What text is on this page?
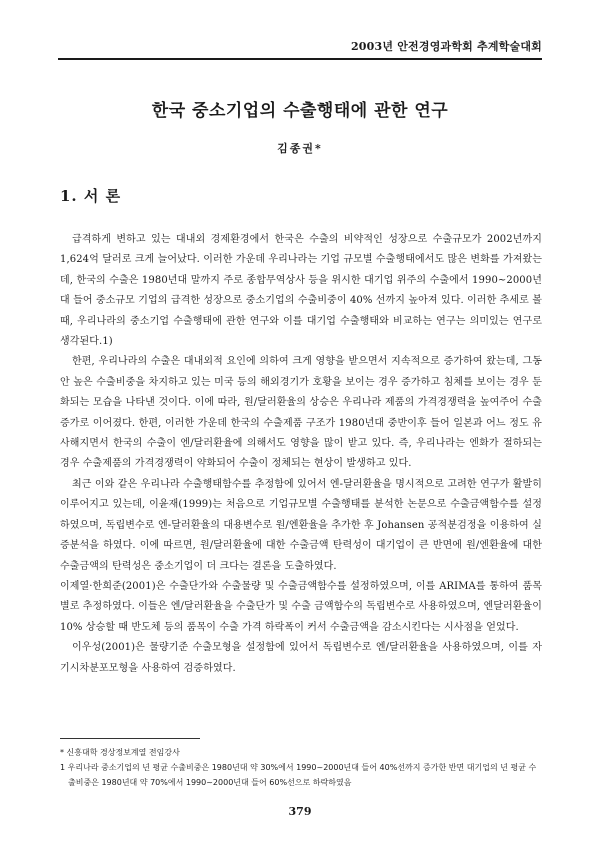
2003년 안전경영과학회 추계학술대회
한국 중소기업의 수출행태에 관한 연구
김종권*
1. 서 론

급격하게 변하고 있는 대내외 경제환경에서 한국은 수출의 비약적인 성장으로 수출규모가 2002년까지 1,624억 달러로 크게 늘어났다. 이러한 가운데 우리나라는 기업 규모별 수출행태에서도 많은 변화를 가져왔는데, 한국의 수출은 1980년대 말까지 주로 종합무역상사 등을 위시한 대기업 위주의 수출에서 1990~2000년대 들어 중소규모 기업의 급격한 성장으로 중소기업의 수출비중이 40% 선까지 높아져 있다. 이러한 추세로 볼 때, 우리나라의 중소기업 수출행태에 관한 연구와 이를 대기업 수출행태와 비교하는 연구는 의미있는 연구로 생각된다.1)

한편, 우리나라의 수출은 대내외적 요인에 의하여 크게 영향을 받으면서 지속적으로 증가하여 왔는데, 그동안 높은 수출비중을 차지하고 있는 미국 등의 해외경기가 호황을 보이는 경우 증가하고 침체를 보이는 경우 둔화되는 모습을 나타낸 것이다. 이에 따라, 원/달러환율의 상승은 우리나라 제품의 가격경쟁력을 높여주어 수출증가로 이어졌다. 한편, 이러한 가운데 한국의 수출제품 구조가 1980년대 중반이후 들어 일본과 어느 정도 유사해지면서 한국의 수출이 엔/달러환율에 의해서도 영향을 많이 받고 있다. 즉, 우리나라는 엔화가 절하되는 경우 수출제품의 가격경쟁력이 약화되어 수출이 정체되는 현상이 발생하고 있다.

최근 이와 같은 우리나라 수출행태함수를 추정함에 있어서 엔-달러환율을 명시적으로 고려한 연구가 활발히 이루어지고 있는데, 이윤재(1999)는 처음으로 기업규모별 수출행태를 분석한 논문으로 수출금액함수를 설정하였으며, 독립변수로 엔-달러환율의 대용변수로 원/엔환율을 추가한 후 Johansen 공적분검정을 이용하여 실증분석을 하였다. 이에 따르면, 원/달러환율에 대한 수출금액 탄력성이 대기업이 큰 반면에 원/엔환율에 대한 수출금액의 탄력성은 중소기업이 더 크다는 결론을 도출하였다.

이제열·한희준(2001)은 수출단가와 수출물량 및 수출금액함수를 설정하였으며, 이를 ARIMA를 통하여 품목별로 추정하였다. 이들은 엔/달러환율을 수출단가 및 수출 금액함수의 독립변수로 사용하였으며, 엔달러환율이 10% 상승할 때 반도체 등의 품목이 수출 가격 하락폭이 커서 수출금액을 감소시킨다는 시사점을 얻었다.

이우성(2001)은 물량기준 수출모형을 설정함에 있어서 독립변수로 엔/달러환율을 사용하였으며, 이를 자기시차분포모형을 사용하여 검증하였다.

* 신흥대학 경상정보계열 전임강사

1 우리나라 중소기업의 년 평균 수출비중은 1980년대 약 30%에서 1990~2000년대 들어 40%선까지 증가한 반면 대기업의 년 평균 수출비중은 1980년대 약 70%에서 1990~2000년대 들어 60%선으로 하락하였음

379
